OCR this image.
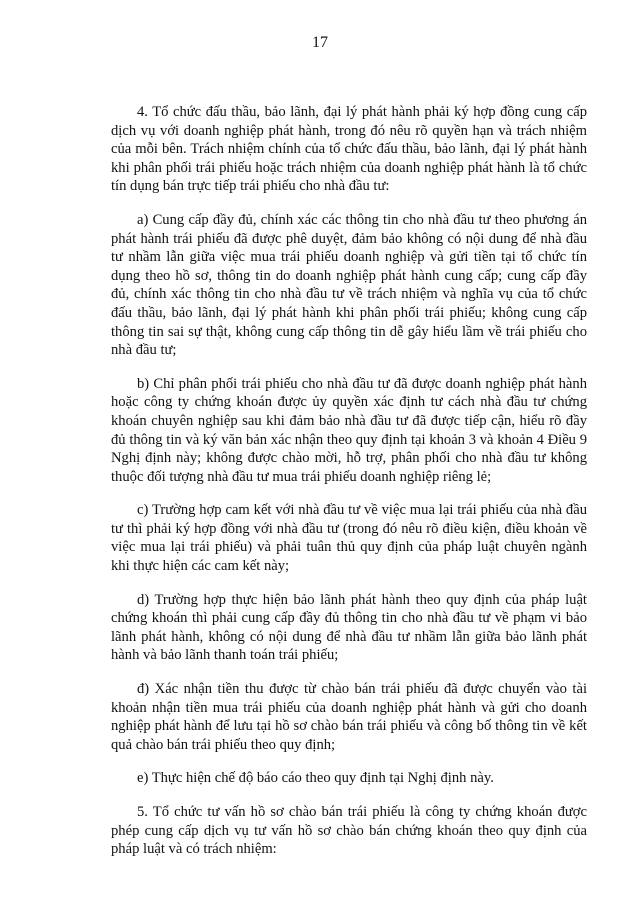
17

4. Tổ chức đấu thầu, bảo lãnh, đại lý phát hành phải ký hợp đồng cung cấp dịch vụ với doanh nghiệp phát hành, trong đó nêu rõ quyền hạn và trách nhiệm của mỗi bên. Trách nhiệm chính của tổ chức đấu thầu, bảo lãnh, đại lý phát hành khi phân phối trái phiếu hoặc trách nhiệm của doanh nghiệp phát hành là tổ chức tín dụng bán trực tiếp trái phiếu cho nhà đầu tư:

a) Cung cấp đầy đủ, chính xác các thông tin cho nhà đầu tư theo phương án phát hành trái phiếu đã được phê duyệt, đảm bảo không có nội dung để nhà đầu tư nhầm lẫn giữa việc mua trái phiếu doanh nghiệp và gửi tiền tại tổ chức tín dụng theo hồ sơ, thông tin do doanh nghiệp phát hành cung cấp; cung cấp đầy đủ, chính xác thông tin cho nhà đầu tư về trách nhiệm và nghĩa vụ của tổ chức đấu thầu, bảo lãnh, đại lý phát hành khi phân phối trái phiếu; không cung cấp thông tin sai sự thật, không cung cấp thông tin dễ gây hiểu lầm về trái phiếu cho nhà đầu tư;

b) Chỉ phân phối trái phiếu cho nhà đầu tư đã được doanh nghiệp phát hành hoặc công ty chứng khoán được ủy quyền xác định tư cách nhà đầu tư chứng khoán chuyên nghiệp sau khi đảm bảo nhà đầu tư đã được tiếp cận, hiểu rõ đầy đủ thông tin và ký văn bản xác nhận theo quy định tại khoản 3 và khoản 4 Điều 9 Nghị định này; không được chào mời, hỗ trợ, phân phối cho nhà đầu tư không thuộc đối tượng nhà đầu tư mua trái phiếu doanh nghiệp riêng lẻ;

c) Trường hợp cam kết với nhà đầu tư về việc mua lại trái phiếu của nhà đầu tư thì phải ký hợp đồng với nhà đầu tư (trong đó nêu rõ điều kiện, điều khoản về việc mua lại trái phiếu) và phải tuân thủ quy định của pháp luật chuyên ngành khi thực hiện các cam kết này;

d) Trường hợp thực hiện bảo lãnh phát hành theo quy định của pháp luật chứng khoán thì phải cung cấp đầy đủ thông tin cho nhà đầu tư về phạm vi bảo lãnh phát hành, không có nội dung để nhà đầu tư nhầm lẫn giữa bảo lãnh phát hành và bảo lãnh thanh toán trái phiếu;

đ) Xác nhận tiền thu được từ chào bán trái phiếu đã được chuyển vào tài khoản nhận tiền mua trái phiếu của doanh nghiệp phát hành và gửi cho doanh nghiệp phát hành để lưu tại hồ sơ chào bán trái phiếu và công bố thông tin về kết quả chào bán trái phiếu theo quy định;

e) Thực hiện chế độ báo cáo theo quy định tại Nghị định này.

5. Tổ chức tư vấn hồ sơ chào bán trái phiếu là công ty chứng khoán được phép cung cấp dịch vụ tư vấn hồ sơ chào bán chứng khoán theo quy định của pháp luật và có trách nhiệm:
